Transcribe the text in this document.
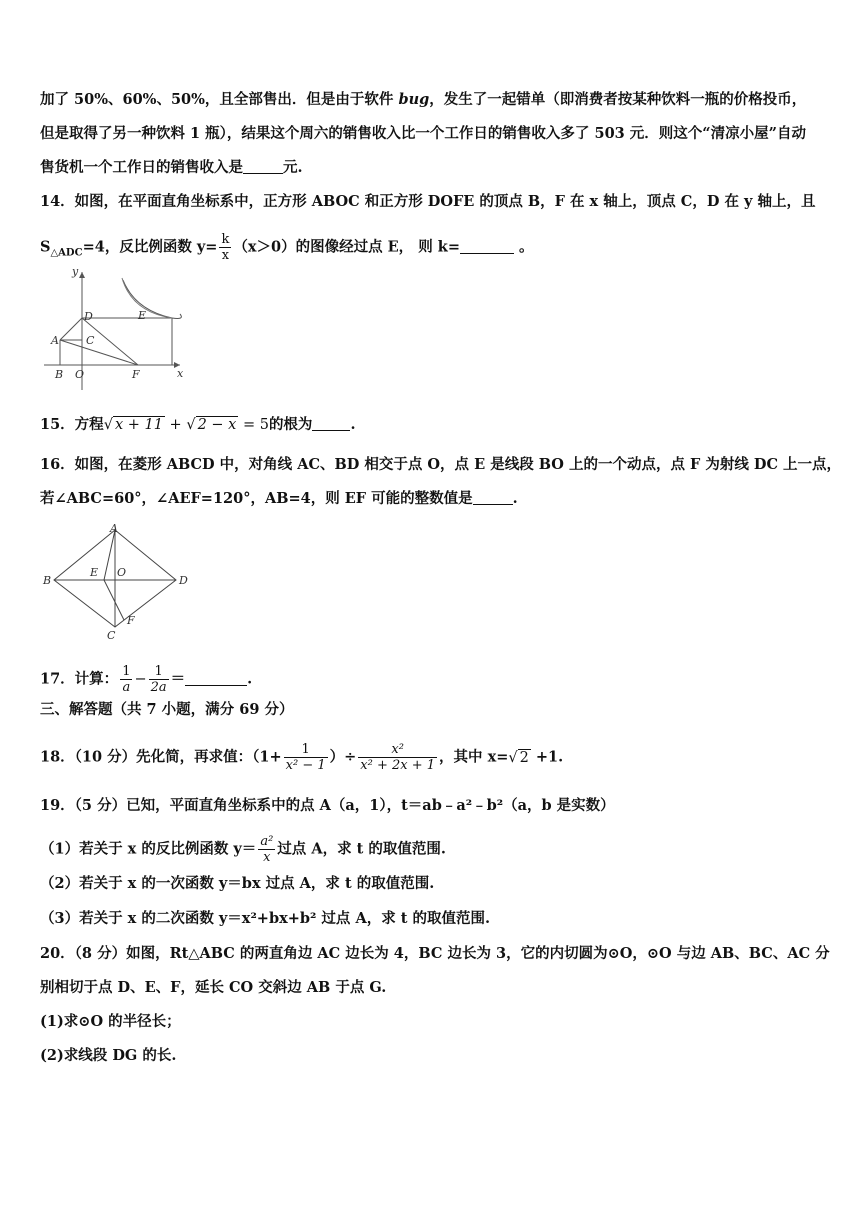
加了 50%、60%、50%，且全部售出．但是由于软件 bug，发生了一起错单（即消费者按某种饮料一瓶的价格投币，
但是取得了另一种饮料 1 瓶），结果这个周六的销售收入比一个工作日的销售收入多了 503 元．则这个“清凉小屋”自动
售货机一个工作日的销售收入是	元.
14．如图，在平面直角坐标系中，正方形 ABOC 和正方形 DOFE 的顶点 B，F 在 x 轴上，顶点 C，D 在 y 轴上，且
$S_{\triangle ADC}=4$，反比例函数 $y= \frac{k}{x} (x>0)$的图像经过点 E， 则 k=	。
y
x
A
B
C
D	E
F
O
15．方程√ x + 11 + √ 2 − x = 5的根为	.
16．如图，在菱形 ABCD 中，对角线 AC、BD 相交于点 O，点 E 是线段 BO 上的一个动点，点 F 为射线 DC 上一点，
若∠ABC=60°，∠AEF=120°，AB=4，则 EF 可能的整数值是	.
A
B
C
D
E
F
O
17．计算： $\frac{1}{a} - \frac{1}{2a}$ ＝	.
三、解答题（共 7 小题，满分 69 分）
18．（10 分）先化简，再求值：（$1+ \frac{1}{\text{x² − 1}}$ ）÷ $\frac{\text{x²}}{\text{x² + 2x + 1}}$ ，其中 x=√ 2 +1.
19．（5 分）已知，平面直角坐标系中的点 A（a，1），t＝ab﹣a²﹣b²（a，b 是实数）
（1）若关于 x 的反比例函数 $y= \frac{\text{a²}}{x}$ 过点 A，求 t 的取值范围.
（2）若关于 x 的一次函数 y＝bx 过点 A，求 t 的取值范围.
（3）若关于 x 的二次函数 y＝x²+bx+b² 过点 A，求 t 的取值范围.
20．（8 分）如图，Rt△ABC 的两直角边 AC 边长为 4，BC 边长为 3，它的内切圆为⊙O，⊙O 与边 AB、BC、AC 分
别相切于点 D、E、F，延长 CO 交斜边 AB 于点 G.
(1)求⊙O 的半径长；
(2)求线段 DG 的长.
